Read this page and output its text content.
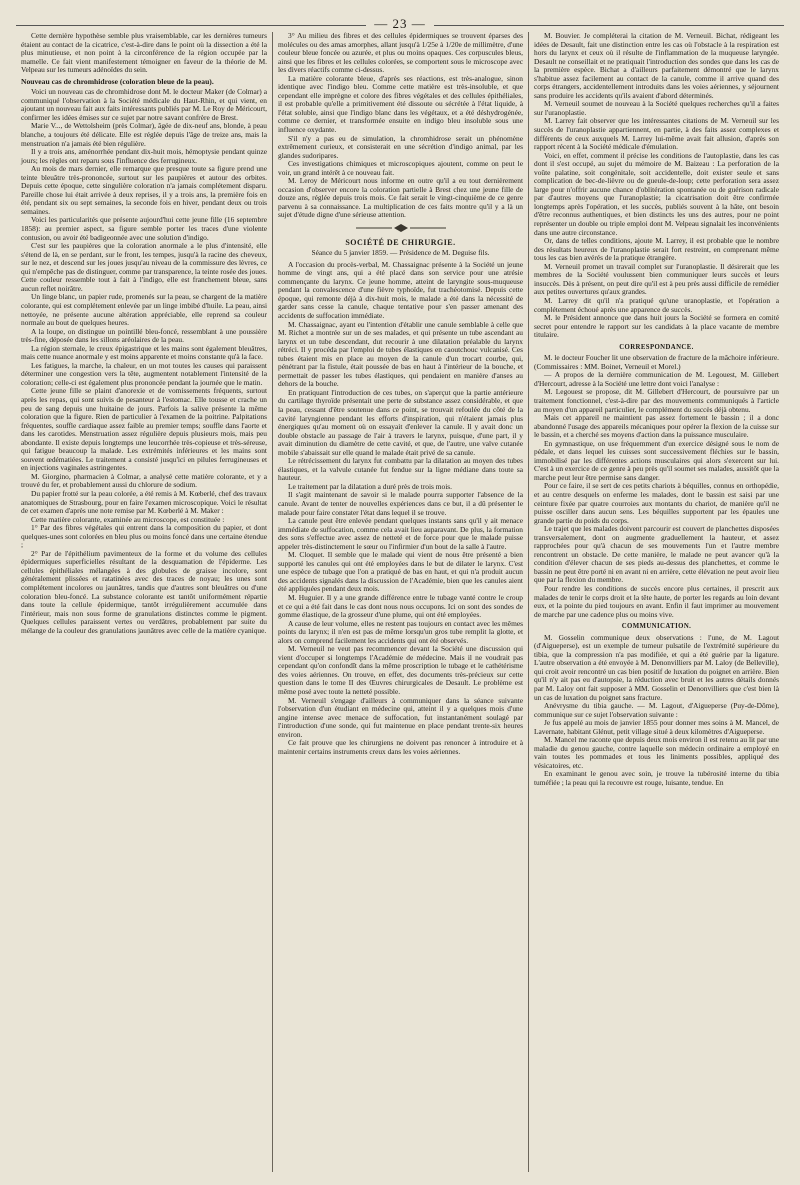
— 23 —

Cette dernière hypothèse semble plus vraisemblable, car les dernières tumeurs étaient au contact de la cicatrice, c'est-à-dire dans le point où la dissection a été la plus minutieuse, et non point à la circonférence de la région occupée par la mamelle. Ce fait vient manifestement témoigner en faveur de la théorie de M. Velpeau sur les tumeurs adénoïdes du sein.

Nouveau cas de chromhidrose (coloration bleue de la peau).

Voici un nouveau cas de chromhidrose dont M. le docteur Maker (de Colmar) a communiqué l'observation à la Société médicale du Haut-Rhin, et qui vient, en ajoutant un nouveau fait aux faits intéressants publiés par M. Le Roy de Méricourt, confirmer les idées émises sur ce sujet par notre savant confrère de Brest.

Marie V..., de Wettolsheim (près Colmar), âgée de dix-neuf ans, blonde, à peau blanche, a toujours été délicate. Elle est réglée depuis l'âge de treize ans, mais la menstruation n'a jamais été bien régulière.

Il y a trois ans, aménorrhée pendant dix-huit mois, hémoptysie pendant quinze jours; les règles ont reparu sous l'influence des ferrugineux.

Au mois de mars dernier, elle remarque que presque toute sa figure prend une teinte bleuâtre très-prononcée, surtout sur les paupières et autour des orbites. Depuis cette époque, cette singulière coloration n'a jamais complétement disparu. Pareille chose lui était arrivée à deux reprises, il y a trois ans, la première fois en été, pendant six ou sept semaines, la seconde fois en hiver, pendant deux ou trois semaines.

Voici les particularités que présente aujourd'hui cette jeune fille (16 septembre 1858): au premier aspect, sa figure semble porter les traces d'une violente contusion, ou avoir été badigeonnée avec une solution d'indigo.

C'est sur les paupières que la coloration anormale a le plus d'intensité, elle s'étend de là, en se perdant, sur le front, les tempes, jusqu'à la racine des cheveux, sur le nez, et descend sur les joues jusqu'au niveau de la commissure des lèvres, ce qui n'empêche pas de distinguer, comme par transparence, la teinte rosée des joues. Cette couleur ressemble tout à fait à l'indigo, elle est franchement bleue, sans aucun reflet noirâtre.

Un linge blanc, un papier rude, promenés sur la peau, se chargent de la matière colorante, qui est complétement enlevée par un linge imbibé d'huile. La peau, ainsi nettoyée, ne présente aucune altération appréciable, elle reprend sa couleur normale au bout de quelques heures.

A la loupe, on distingue un pointillé bleu-foncé, ressemblant à une poussière très-fine, déposée dans les sillons aréolaires de la peau.

La région sternale, le creux épigastrique et les mains sont également bleuâtres, mais cette nuance anormale y est moins apparente et moins constante qu'à la face.

Les fatigues, la marche, la chaleur, en un mot toutes les causes qui paraissent déterminer une congestion vers la tête, augmentent notablement l'intensité de la coloration; celle-ci est également plus prononcée pendant la journée que le matin.

Cette jeune fille se plaint d'anorexie et de vomissements fréquents, surtout après les repas, qui sont suivis de pesanteur à l'estomac. Elle tousse et crache un peu de sang depuis une huitaine de jours. Parfois la salive présente la même coloration que la figure. Rien de particulier à l'examen de la poitrine. Palpitations fréquentes, souffle cardiaque assez faible au premier temps; souffle dans l'aorte et dans les carotides. Menstruation assez régulière depuis plusieurs mois, mais peu abondante. Il existe depuis longtemps une leucorrhée très-copieuse et très-séreuse, qui fatigue beaucoup la malade. Les extrémités inférieures et les mains sont souvent œdématiées. Le traitement a consisté jusqu'ici en pilules ferrugineuses et en injections vaginales astringentes.

M. Giorgino, pharmacien à Colmar, a analysé cette matière colorante, et y a trouvé du fer, et probablement aussi du chlorure de sodium.

Du papier frotté sur la peau colorée, a été remis à M. Kœberlé, chef des travaux anatomiques de Strasbourg, pour en faire l'examen microscopique. Voici le résultat de cet examen d'après une note remise par M. Kœberlé à M. Maker :

Cette matière colorante, examinée au microscope, est constituée :

1° Par des fibres végétales qui entrent dans la composition du papier, et dont quelques-unes sont colorées en bleu plus ou moins foncé dans une certaine étendue ;

2° Par de l'épithélium pavimenteux de la forme et du volume des cellules épidermiques superficielles résultant de la desquamation de l'épiderme. Les cellules épithéliales mélangées à des globules de graisse incolore, sont généralement plissées et ratatinées avec des traces de noyau; les unes sont complétement incolores ou jaunâtres, tandis que d'autres sont bleuâtres ou d'une coloration bleu-foncé. La substance colorante est tantôt uniformément répartie dans toute la cellule épidermique, tantôt irrégulièrement accumulée dans l'intérieur, mais non sous forme de granulations distinctes comme le pigment. Quelques cellules paraissent vertes ou verdâtres, probablement par suite du mélange de la couleur des granulations jaunâtres avec celle de la matière cyanique.

3° Au milieu des fibres et des cellules épidermiques se trouvent éparses des molécules ou des amas amorphes, allant jusqu'à 1/25e à 1/20e de millimètre, d'une couleur bleue foncée ou azurée, et plus ou moins opaques. Ces corpuscules bleus, ainsi que les fibres et les cellules colorées, se comportent sous le microscope avec les divers réactifs comme ci-dessus.

La matière colorante bleue, d'après ses réactions, est très-analogue, sinon identique avec l'indigo bleu. Comme cette matière est très-insoluble, et que cependant elle imprègne et colore des fibres végétales et des cellules épithéliales, il est probable qu'elle a primitivement été dissoute ou sécrétée à l'état liquide, à l'état soluble, ainsi que l'indigo blanc dans les végétaux, et a été déshydrogénée, comme ce dernier, et transformée ensuite en indigo bleu insoluble sous une influence oxydante.

S'il n'y a pas eu de simulation, la chromhidrose serait un phénomène extrêmement curieux, et consisterait en une sécrétion d'indigo animal, par les glandes sudoripares.

Ces investigations chimiques et microscopiques ajoutent, comme on peut le voir, un grand intérêt à ce nouveau fait.

M. Leroy de Méricourt nous informe en outre qu'il a eu tout dernièrement occasion d'observer encore la coloration partielle à Brest chez une jeune fille de douze ans, réglée depuis trois mois. Ce fait serait le vingt-cinquième de ce genre parvenu à sa connaissance. La multiplication de ces faits montre qu'il y a là un sujet d'étude digne d'une sérieuse attention.

SOCIÉTÉ DE CHIRURGIE.
Séance du 5 janvier 1859. — Présidence de M. Deguise fils.

A l'occasion du procès-verbal, M. Chassaignac présente à la Société un jeune homme de vingt ans, qui a été placé dans son service pour une atrésie commençante du larynx. Ce jeune homme, atteint de laryngite sous-muqueuse pendant la convalescence d'une fièvre typhoïde, fut trachéotomisé. Depuis cette époque, qui remonte déjà à dix-huit mois, le malade a été dans la nécessité de garder sans cesse la canule, chaque tentative pour s'en passer amenant des accidents de suffocation immédiate.

M. Chassaignac, ayant eu l'intention d'établir une canule semblable à celle que M. Richet a montrée sur un de ses malades, et qui présente un tube ascendant au larynx et un tube descendant, dut recourir à une dilatation préalable du larynx rétréci. Il y procéda par l'emploi de tubes élastiques en caoutchouc vulcanisé. Ces tubes étaient mis en place au moyen de la canule d'un trocart courbe, qui, pénétrant par la fistule, était poussée de bas en haut à l'intérieur de la bouche, et permettait de passer les tubes élastiques, qui pendaient en manière d'anses au dehors de la bouche.

En pratiquant l'introduction de ces tubes, on s'aperçut que la partie antérieure du cartilage thyroïde présentait une perte de substance assez considérable, et que la peau, cessant d'être soutenue dans ce point, se trouvait refoulée du côté de la cavité laryngienne pendant les efforts d'inspiration, qui n'étaient jamais plus énergiques qu'au moment où on essayait d'enlever la canule. Il y avait donc un double obstacle au passage de l'air à travers le larynx, puisque, d'une part, il y avait diminution du diamètre de cette cavité, et que, de l'autre, une valve cutanée mobile s'abaissait sur elle quand le malade était privé de sa canule.

Le rétrécissement du larynx fut combattu par la dilatation au moyen des tubes élastiques, et la valvule cutanée fut fendue sur la ligne médiane dans toute sa hauteur.

Le traitement par la dilatation a duré près de trois mois.

Il s'agit maintenant de savoir si le malade pourra supporter l'absence de la canule. Avant de tenter de nouvelles expériences dans ce but, il a dû présenter le malade pour faire constater l'état dans lequel il se trouve.

La canule peut être enlevée pendant quelques instants sans qu'il y ait menace immédiate de suffocation, comme cela avait lieu auparavant. De plus, la formation des sons s'effectue avec assez de netteté et de force pour que le malade puisse appeler très-distinctement le sœur ou l'infirmier d'un bout de la salle à l'autre.

M. Cloquet. Il semble que le malade qui vient de nous être présenté a bien supporté les canules qui ont été employées dans le but de dilater le larynx. C'est une espèce de tubage que l'on a pratiqué de bas en haut, et qui n'a produit aucun des accidents signalés dans la discussion de l'Académie, bien que les canules aient été appliquées pendant deux mois.

M. Huguier. Il y a une grande différence entre le tubage vanté contre le croup et ce qui a été fait dans le cas dont nous nous occupons. Ici on sont des sondes de gomme élastique, de la grosseur d'une plume, qui ont été employées.

A cause de leur volume, elles ne restent pas toujours en contact avec les mêmes points du larynx; il n'en est pas de même lorsqu'un gros tube remplit la glotte, et alors on comprend facilement les accidents qui ont été observés.

M. Verneuil ne veut pas recommencer devant la Société une discussion qui vient d'occuper si longtemps l'Académie de médecine. Mais il ne voudrait pas cependant qu'on confondît dans la même proscription le tubage et le cathétérisme des voies aériennes. On trouve, en effet, des documents très-précieux sur cette question dans le tome II des Œuvres chirurgicales de Desault. Le problème est même posé avec toute la netteté possible.

M. Verneuil s'engage d'ailleurs à communiquer dans la séance suivante l'observation d'un étudiant en médecine qui, atteint il y a quelques mois d'une angine intense avec menace de suffocation, fut instantanément soulagé par l'introduction d'une sonde, qui fut maintenue en place pendant trente-six heures environ.

Ce fait prouve que les chirurgiens ne doivent pas renoncer à introduire et à maintenir certains instruments creux dans les voies aériennes.

M. Bouvier. Je compléterai la citation de M. Verneuil. Bichat, rédigeant les idées de Desault, fait une distinction entre les cas où l'obstacle à la respiration est hors du larynx et ceux où il résulte de l'inflammation de la muqueuse laryngée. Desault ne conseillait et ne pratiquait l'introduction des sondes que dans les cas de la première espèce. Bichat a d'ailleurs parfaitement démontré que le larynx s'habitue assez facilement au contact de la canule, comme il arrive quand des corps étrangers, accidentellement introduits dans les voies aériennes, y séjournent sans produire les accidents qu'ils avaient d'abord déterminés.

M. Verneuil soumet de nouveau à la Société quelques recherches qu'il a faites sur l'uranoplastie.

M. Larrey fait observer que les intéressantes citations de M. Verneuil sur les succès de l'uranoplastie appartiennent, en partie, à des faits assez complexes et différents de ceux auxquels M. Larrey lui-même avait fait allusion, d'après son rapport récent à la Société médicale d'émulation.

Voici, en effet, comment il précise les conditions de l'autoplastie, dans les cas dont il s'est occupé, au sujet du mémoire de M. Baizeau : La perforation de la voûte palatine, soit congénitale, soit accidentelle, doit exister seule et sans complication de bec-de-lièvre ou de gueule-de-loup; cette perforation sera assez large pour n'offrir aucune chance d'oblitération spontanée ou de guérison radicale par d'autres moyens que l'uranoplastie; la cicatrisation doit être confirmée longtemps après l'opération, et les succès, publiés souvent à la hâte, ont besoin d'être reconnus authentiques, et bien distincts les uns des autres, pour ne point représenter un double ou triple emploi dont M. Velpeau signalait les inconvénients dans une autre circonstance.

Or, dans de telles conditions, ajoute M. Larrey, il est probable que le nombre des résultats heureux de l'uranoplastie serait fort restreint, en comprenant même tous les cas bien avérés de la pratique étrangère.

M. Verneuil promet un travail complet sur l'uranoplastie. Il désirerait que les membres de la Société voulussent bien communiquer leurs succès et leurs insuccès. Dès à présent, on peut dire qu'il est à peu près aussi difficile de remédier aux petites ouvertures qu'aux grandes.

M. Larrey dit qu'il n'a pratiqué qu'une uranoplastie, et l'opération a complétement échoué après une apparence de succès.

M. le Président annonce que dans huit jours la Société se formera en comité secret pour entendre le rapport sur les candidats à la place vacante de membre titulaire.

CORRESPONDANCE.

M. le docteur Foucher lit une observation de fracture de la mâchoire inférieure. (Commissaires : MM. Boinet, Verneuil et Morel.)

— A propos de la dernière communication de M. Legouest, M. Gillebert d'Hercourt, adresse à la Société une lettre dont voici l'analyse :

M. Legouest se propose, dit M. Gillebert d'Hercourt, de poursuivre par un traitement fonctionnel, c'est-à-dire par des mouvements communiqués à l'article au moyen d'un appareil particulier, le complément du succès déjà obtenu.

Mais cet appareil ne maintient pas assez fortement le bassin ; il a donc abandonné l'usage des appareils mécaniques pour opérer la flexion de la cuisse sur le bassin, et a cherché ses moyens d'action dans la puissance musculaire.

En gymnastique, on use fréquemment d'un exercice désigné sous le nom de pédale, et dans lequel les cuisses sont successivement fléchies sur le bassin, immobilisé par les différentes actions musculaires qui alors s'exercent sur lui. C'est à un exercice de ce genre à peu près qu'il soumet ses malades, aussitôt que la marche peut leur être permise sans danger.

Pour ce faire, il se sert de ces petits chariots à béquilles, connus en orthopédie, et au centre desquels on enferme les malades, dont le bassin est saisi par une ceinture fixée par quatre courroies aux montants du chariot, de manière qu'il ne puisse osciller dans aucun sens. Les béquilles supportent par les épaules une grande partie du poids du corps.

Le trajet que les malades doivent parcourir est couvert de planchettes disposées transversalement, dont on augmente graduellement la hauteur, et assez rapprochées pour qu'à chacun de ses mouvements l'un et l'autre membre rencontrent un obstacle. De cette manière, le malade ne peut avancer qu'à la condition d'élever chacun de ses pieds au-dessus des planchettes, et comme le bassin ne peut être porté ni en avant ni en arrière, cette élévation ne peut avoir lieu que par la flexion du membre.

Pour rendre les conditions de succès encore plus certaines, il prescrit aux malades de tenir le corps droit et la tête haute, de porter les regards au loin devant eux, et la pointe du pied toujours en avant. Enfin il faut imprimer au mouvement de marche par une cadence plus ou moins vive.

COMMUNICATION.

M. Gosselin communique deux observations : l'une, de M. Lagout (d'Aigueperse), est un exemple de tumeur pulsatile de l'extrémité supérieure du tibia, que la compression n'a pas modifiée, et qui a été guérie par la ligature. L'autre observation a été envoyée à M. Denonvilliers par M. Laloy (de Belleville), qui croit avoir rencontré un cas bien positif de luxation du poignet en arrière. Bien qu'il n'y ait pas eu d'autopsie, la réduction avec bruit et les autres détails donnés par M. Laloy ont fait supposer à MM. Gosselin et Denonvilliers que c'est bien là un cas de luxation du poignet sans fracture.

Anévrysme du tibia gauche. — M. Lagout, d'Aigueperse (Puy-de-Dôme), communique sur ce sujet l'observation suivante :

Je fus appelé au mois de janvier 1855 pour donner mes soins à M. Mancel, de Lavernate, habitant Glénut, petit village situé à deux kilomètres d'Aigueperse.

M. Mancel me raconte que depuis deux mois environ il est retenu au lit par une maladie du genou gauche, contre laquelle son médecin ordinaire a employé en vain toutes les pommades et tous les liniments possibles, appliqué des vésicatoires, etc.

En examinant le genou avec soin, je trouve la tubérosité interne du tibia tuméfiée ; la peau qui la recouvre est rouge, luisante, tendue. En
